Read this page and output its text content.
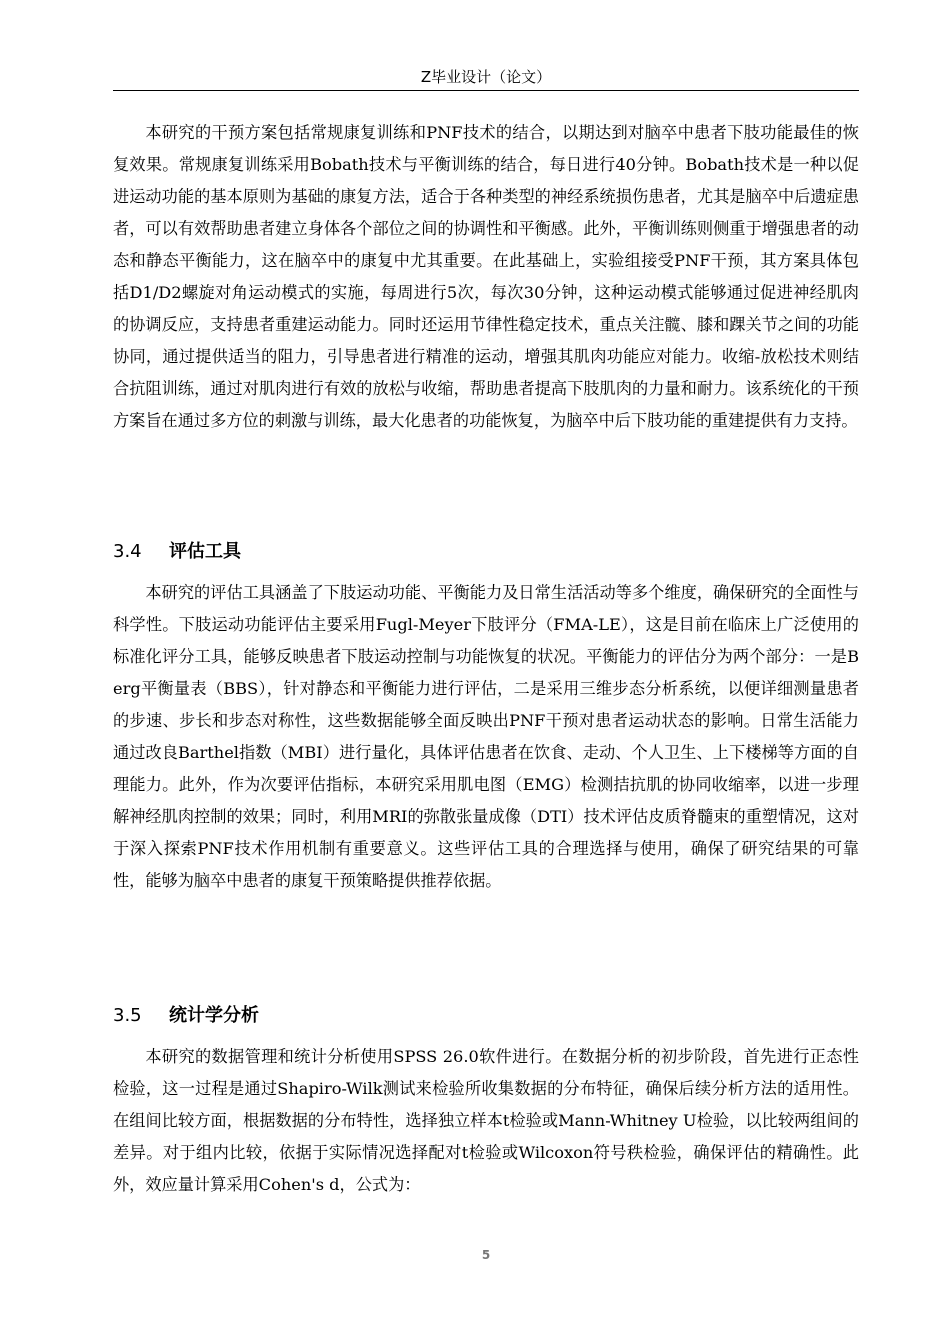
Z毕业设计（论文）

本研究的干预方案包括常规康复训练和PNF技术的结合，以期达到对脑卒中患者下肢功能最佳的恢复效果。常规康复训练采用Bobath技术与平衡训练的结合，每日进行40分钟。Bobath技术是一种以促进运动功能的基本原则为基础的康复方法，适合于各种类型的神经系统损伤患者，尤其是脑卒中后遗症患者，可以有效帮助患者建立身体各个部位之间的协调性和平衡感。此外，平衡训练则侧重于增强患者的动态和静态平衡能力，这在脑卒中的康复中尤其重要。在此基础上，实验组接受PNF干预，其方案具体包括D1/D2螺旋对角运动模式的实施，每周进行5次，每次30分钟，这种运动模式能够通过促进神经肌肉的协调反应，支持患者重建运动能力。同时还运用节律性稳定技术，重点关注髋、膝和踝关节之间的功能协同，通过提供适当的阻力，引导患者进行精准的运动，增强其肌肉功能应对能力。收缩-放松技术则结合抗阻训练，通过对肌肉进行有效的放松与收缩，帮助患者提高下肢肌肉的力量和耐力。该系统化的干预方案旨在通过多方位的刺激与训练，最大化患者的功能恢复，为脑卒中后下肢功能的重建提供有力支持。

3.4 评估工具

本研究的评估工具涵盖了下肢运动功能、平衡能力及日常生活活动等多个维度，确保研究的全面性与科学性。下肢运动功能评估主要采用Fugl-Meyer下肢评分（FMA-LE），这是目前在临床上广泛使用的标准化评分工具，能够反映患者下肢运动控制与功能恢复的状况。平衡能力的评估分为两个部分：一是Berg平衡量表（BBS），针对静态和平衡能力进行评估，二是采用三维步态分析系统，以便详细测量患者的步速、步长和步态对称性，这些数据能够全面反映出PNF干预对患者运动状态的影响。日常生活能力通过改良Barthel指数（MBI）进行量化，具体评估患者在饮食、走动、个人卫生、上下楼梯等方面的自理能力。此外，作为次要评估指标，本研究采用肌电图（EMG）检测拮抗肌的协同收缩率，以进一步理解神经肌肉控制的效果；同时，利用MRI的弥散张量成像（DTI）技术评估皮质脊髓束的重塑情况，这对于深入探索PNF技术作用机制有重要意义。这些评估工具的合理选择与使用，确保了研究结果的可靠性，能够为脑卒中患者的康复干预策略提供推荐依据。

3.5 统计学分析

本研究的数据管理和统计分析使用SPSS 26.0软件进行。在数据分析的初步阶段，首先进行正态性检验，这一过程是通过Shapiro-Wilk测试来检验所收集数据的分布特征，确保后续分析方法的适用性。在组间比较方面，根据数据的分布特性，选择独立样本t检验或Mann-Whitney U检验，以比较两组间的差异。对于组内比较，依据于实际情况选择配对t检验或Wilcoxon符号秩检验，确保评估的精确性。此外，效应量计算采用Cohen's d，公式为：

5
